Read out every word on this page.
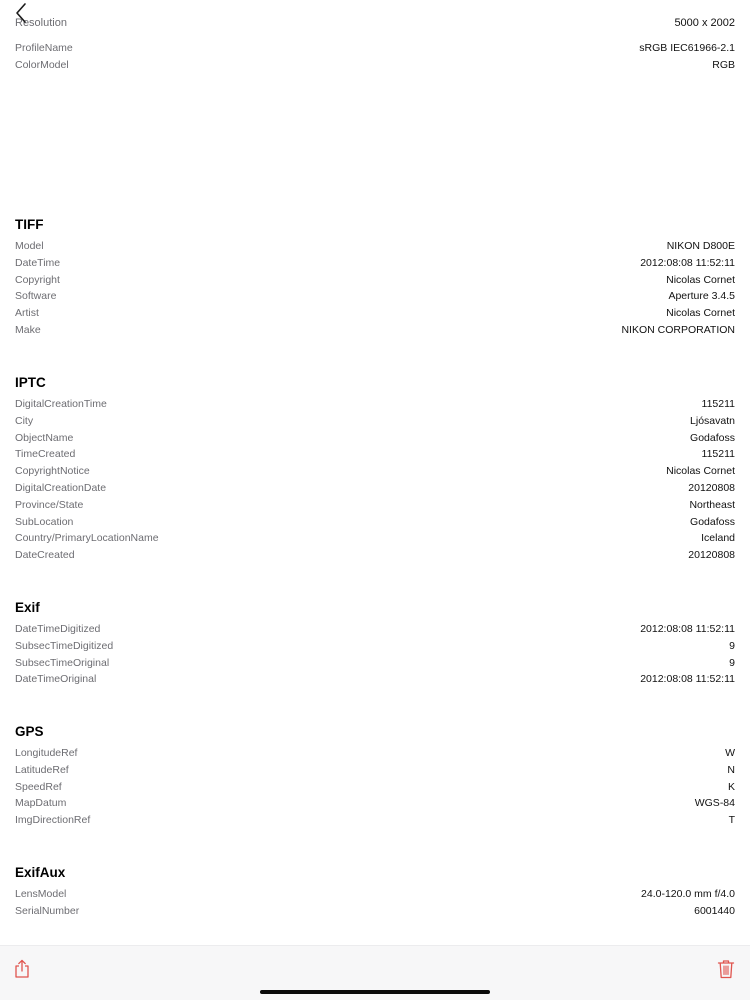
Resolution	5000 x 2002
ProfileName	sRGB IEC61966-2.1
ColorModel	RGB
TIFF
Model	NIKON D800E
DateTime	2012:08:08 11:52:11
Copyright	Nicolas Cornet
Software	Aperture 3.4.5
Artist	Nicolas Cornet
Make	NIKON CORPORATION
IPTC
DigitalCreationTime	115211
City	Ljósavatn
ObjectName	Godafoss
TimeCreated	115211
CopyrightNotice	Nicolas Cornet
DigitalCreationDate	20120808
Province/State	Northeast
SubLocation	Godafoss
Country/PrimaryLocationName	Iceland
DateCreated	20120808
Exif
DateTimeDigitized	2012:08:08 11:52:11
SubsecTimeDigitized	9
SubsecTimeOriginal	9
DateTimeOriginal	2012:08:08 11:52:11
GPS
LongitudeRef	W
LatitudeRef	N
SpeedRef	K
MapDatum	WGS-84
ImgDirectionRef	T
ExifAux
LensModel	24.0-120.0 mm f/4.0
SerialNumber	6001440
